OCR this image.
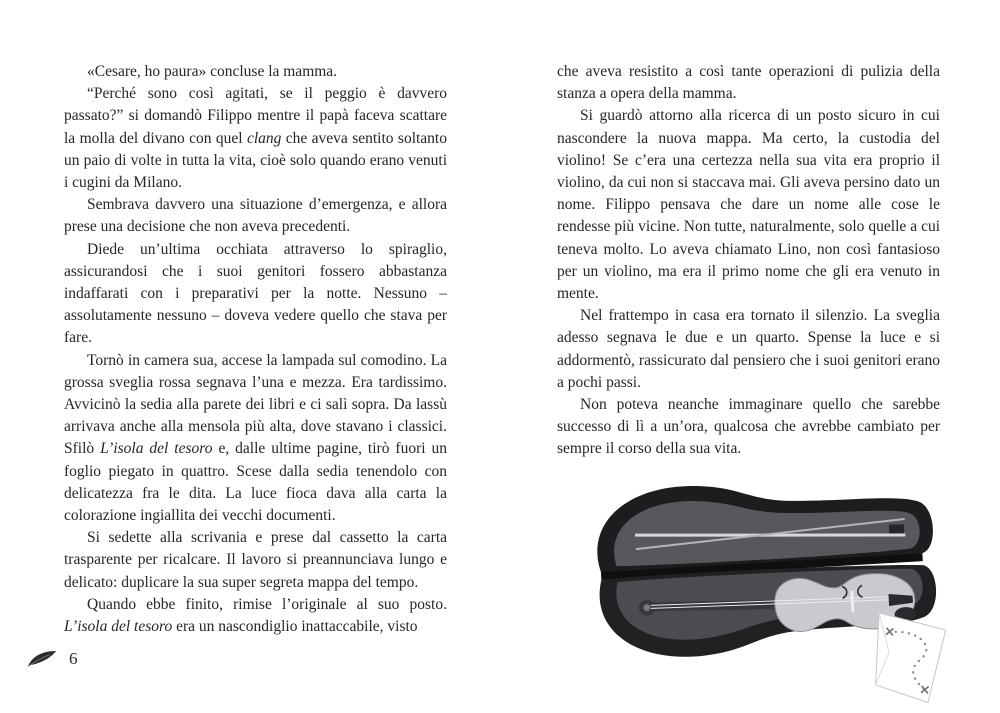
«Cesare, ho paura» concluse la mamma.

“Perché sono così agitati, se il peggio è davvero passato?” si domandò Filippo mentre il papà faceva scattare la molla del divano con quel clang che aveva sentito soltanto un paio di volte in tutta la vita, cioè solo quando erano venuti i cugini da Milano.

Sembrava davvero una situazione d’emergenza, e allora prese una decisione che non aveva precedenti.

Diede un’ultima occhiata attraverso lo spiraglio, assicurandosi che i suoi genitori fossero abbastanza indaffarati con i preparativi per la notte. Nessuno – assolutamente nessuno – doveva vedere quello che stava per fare.

Tornò in camera sua, accese la lampada sul comodino. La grossa sveglia rossa segnava l’una e mezza. Era tardissimo. Avvicinò la sedia alla parete dei libri e ci salì sopra. Da lassù arrivava anche alla mensola più alta, dove stavano i classici. Sfilò L’isola del tesoro e, dalle ultime pagine, tirò fuori un foglio piegato in quattro. Scese dalla sedia tenendolo con delicatezza fra le dita. La luce fioca dava alla carta la colorazione ingiallita dei vecchi documenti.

Si sedette alla scrivania e prese dal cassetto la carta trasparente per ricalcare. Il lavoro si preannunciava lungo e delicato: duplicare la sua super segreta mappa del tempo.

Quando ebbe finito, rimise l’originale al suo posto. L’isola del tesoro era un nascondiglio inattaccabile, visto

che aveva resistito a così tante operazioni di pulizia della stanza a opera della mamma.

Si guardò attorno alla ricerca di un posto sicuro in cui nascondere la nuova mappa. Ma certo, la custodia del violino! Se c’era una certezza nella sua vita era proprio il violino, da cui non si staccava mai. Gli aveva persino dato un nome. Filippo pensava che dare un nome alle cose le rendesse più vicine. Non tutte, naturalmente, solo quelle a cui teneva molto. Lo aveva chiamato Lino, non così fantasioso per un violino, ma era il primo nome che gli era venuto in mente.

Nel frattempo in casa era tornato il silenzio. La sveglia adesso segnava le due e un quarto. Spense la luce e si addormentò, rassicurato dal pensiero che i suoi genitori erano a pochi passi.

Non poteva neanche immaginare quello che sarebbe successo di lì a un’ora, qualcosa che avrebbe cambiato per sempre il corso della sua vita.

6
